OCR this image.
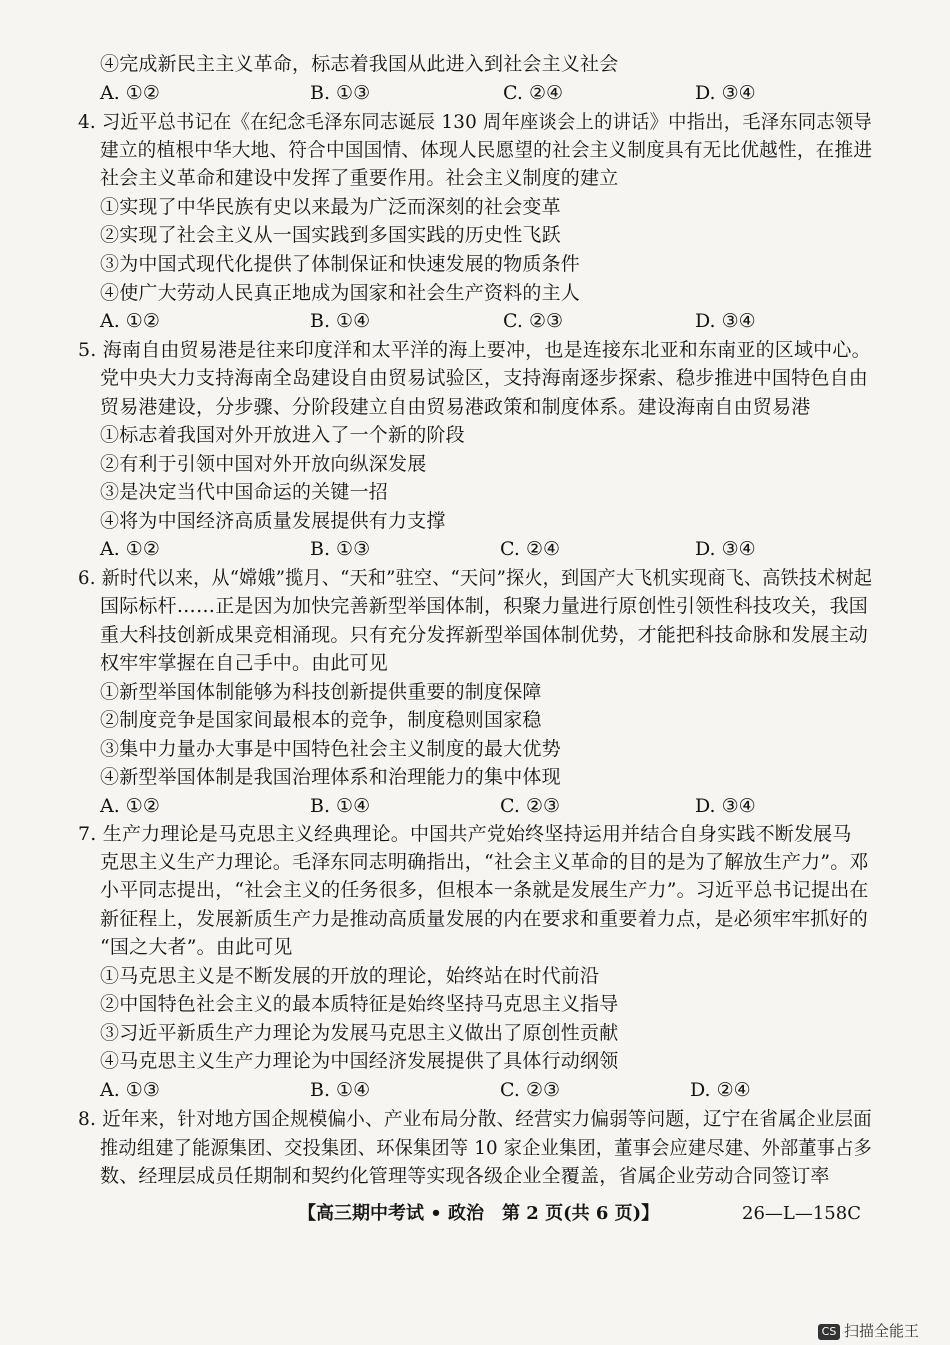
④完成新民主主义革命，标志着我国从此进入到社会主义社会
A. ①②	B. ①③	C. ②④	D. ③④
4. 习近平总书记在《在纪念毛泽东同志诞辰 130 周年座谈会上的讲话》中指出，毛泽东同志领导
建立的植根中华大地、符合中国国情、体现人民愿望的社会主义制度具有无比优越性，在推进
社会主义革命和建设中发挥了重要作用。社会主义制度的建立
①实现了中华民族有史以来最为广泛而深刻的社会变革
②实现了社会主义从一国实践到多国实践的历史性飞跃
③为中国式现代化提供了体制保证和快速发展的物质条件
④使广大劳动人民真正地成为国家和社会生产资料的主人
A. ①②	B. ①④	C. ②③	D. ③④
5. 海南自由贸易港是往来印度洋和太平洋的海上要冲，也是连接东北亚和东南亚的区域中心。
党中央大力支持海南全岛建设自由贸易试验区，支持海南逐步探索、稳步推进中国特色自由
贸易港建设，分步骤、分阶段建立自由贸易港政策和制度体系。建设海南自由贸易港
①标志着我国对外开放进入了一个新的阶段
②有利于引领中国对外开放向纵深发展
③是决定当代中国命运的关键一招
④将为中国经济高质量发展提供有力支撑
A. ①②	B. ①③	C. ②④	D. ③④
6. 新时代以来，从“嫦娥”揽月、“天和”驻空、“天问”探火，到国产大飞机实现商飞、高铁技术树起
国际标杆……正是因为加快完善新型举国体制，积聚力量进行原创性引领性科技攻关，我国
重大科技创新成果竞相涌现。只有充分发挥新型举国体制优势，才能把科技命脉和发展主动
权牢牢掌握在自己手中。由此可见
①新型举国体制能够为科技创新提供重要的制度保障
②制度竞争是国家间最根本的竞争，制度稳则国家稳
③集中力量办大事是中国特色社会主义制度的最大优势
④新型举国体制是我国治理体系和治理能力的集中体现
A. ①②	B. ①④	C. ②③	D. ③④
7. 生产力理论是马克思主义经典理论。中国共产党始终坚持运用并结合自身实践不断发展马
克思主义生产力理论。毛泽东同志明确指出，“社会主义革命的目的是为了解放生产力”。邓
小平同志提出，“社会主义的任务很多，但根本一条就是发展生产力”。习近平总书记提出在
新征程上，发展新质生产力是推动高质量发展的内在要求和重要着力点，是必须牢牢抓好的
“国之大者”。由此可见
①马克思主义是不断发展的开放的理论，始终站在时代前沿
②中国特色社会主义的最本质特征是始终坚持马克思主义指导
③习近平新质生产力理论为发展马克思主义做出了原创性贡献
④马克思主义生产力理论为中国经济发展提供了具体行动纲领
A. ①③	B. ①④	C. ②③	D. ②④
8. 近年来，针对地方国企规模偏小、产业布局分散、经营实力偏弱等问题，辽宁在省属企业层面
推动组建了能源集团、交投集团、环保集团等 10 家企业集团，董事会应建尽建、外部董事占多
数、经理层成员任期制和契约化管理等实现各级企业全覆盖，省属企业劳动合同签订率
【高三期中考试 • 政治　第 2 页(共 6 页)】	26—L—158C
CS 扫描全能王
